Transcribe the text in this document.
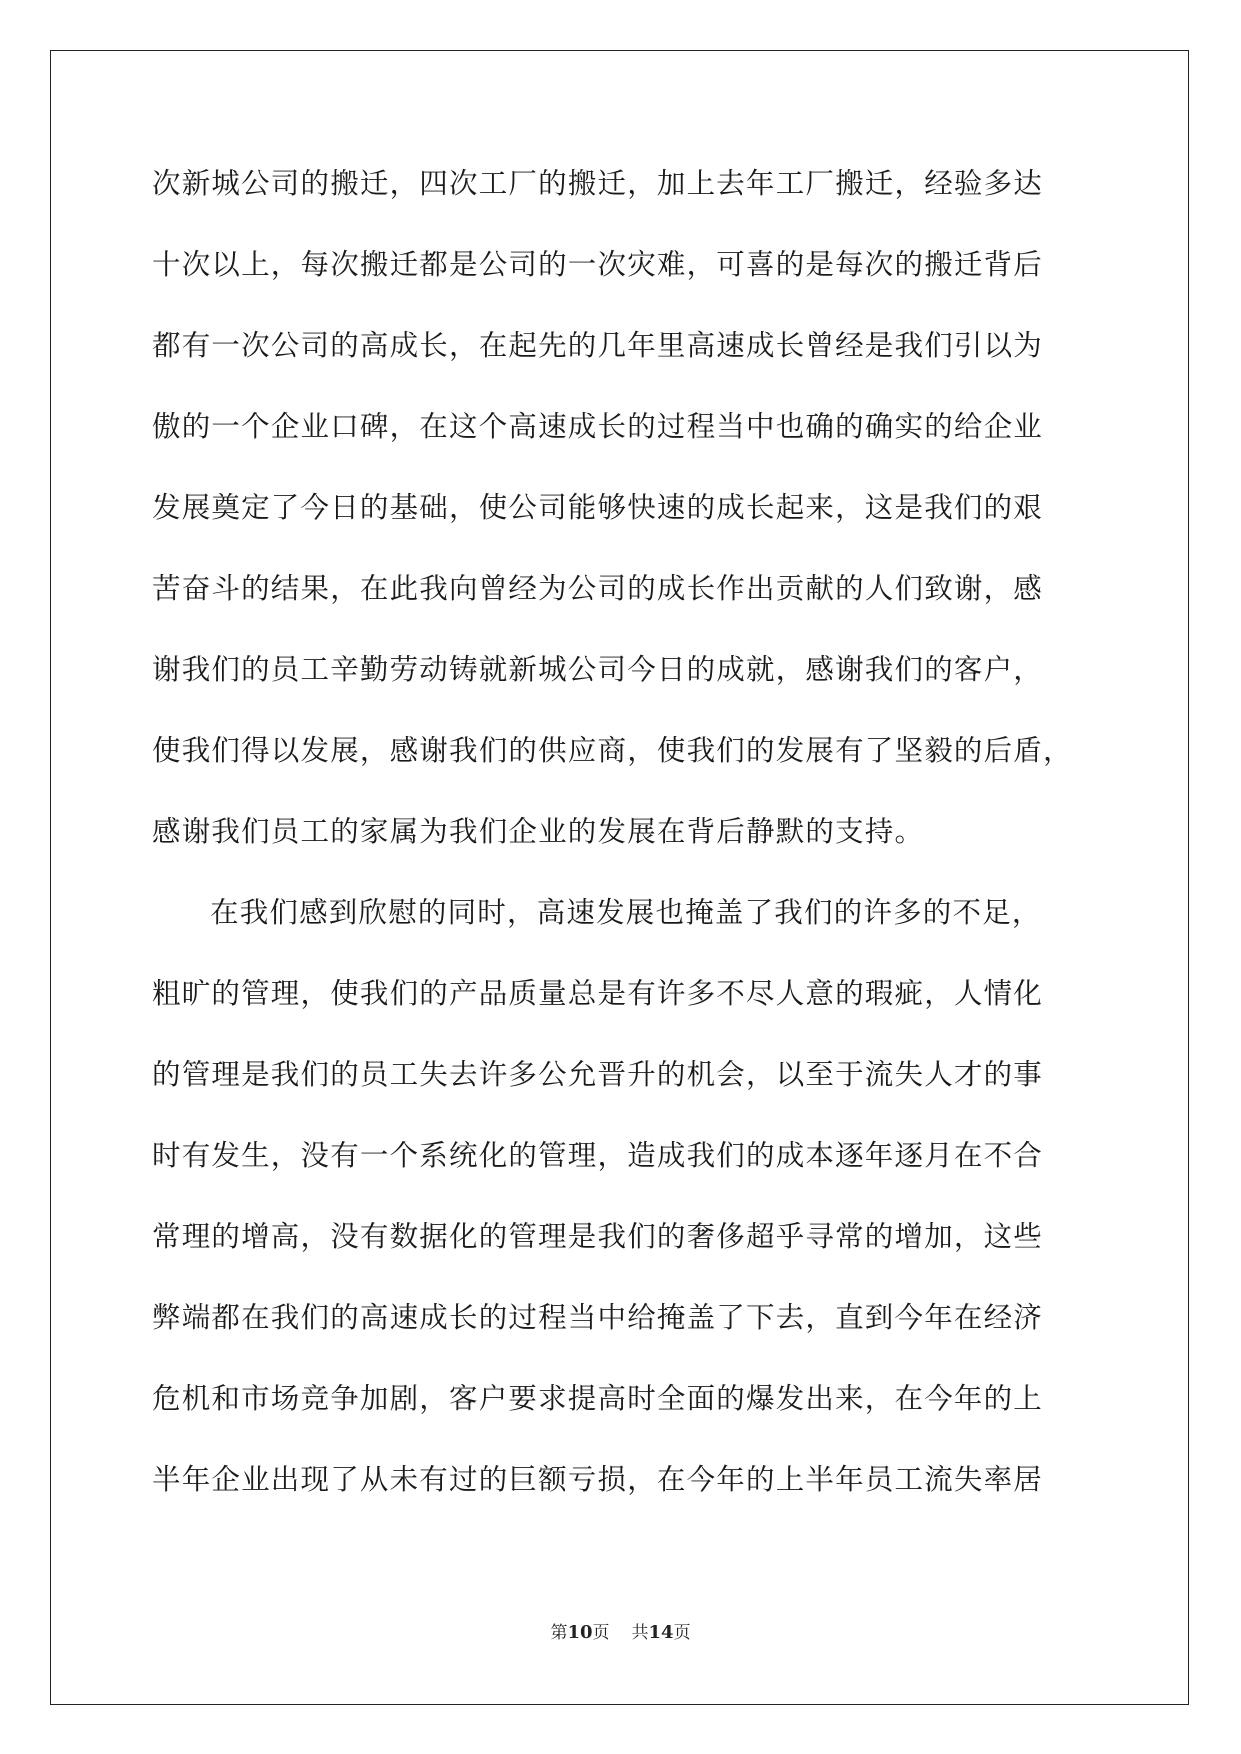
次新城公司的搬迁，四次工厂的搬迁，加上去年工厂搬迁，经验多达
十次以上，每次搬迁都是公司的一次灾难，可喜的是每次的搬迁背后
都有一次公司的高成长，在起先的几年里高速成长曾经是我们引以为
傲的一个企业口碑，在这个高速成长的过程当中也确的确实的给企业
发展奠定了今日的基础，使公司能够快速的成长起来，这是我们的艰
苦奋斗的结果，在此我向曾经为公司的成长作出贡献的人们致谢，感
谢我们的员工辛勤劳动铸就新城公司今日的成就，感谢我们的客户，
使我们得以发展，感谢我们的供应商，使我们的发展有了坚毅的后盾，
感谢我们员工的家属为我们企业的发展在背后静默的支持。
在我们感到欣慰的同时，高速发展也掩盖了我们的许多的不足，
粗旷的管理，使我们的产品质量总是有许多不尽人意的瑕疵，人情化
的管理是我们的员工失去许多公允晋升的机会，以至于流失人才的事
时有发生，没有一个系统化的管理，造成我们的成本逐年逐月在不合
常理的增高，没有数据化的管理是我们的奢侈超乎寻常的增加，这些
弊端都在我们的高速成长的过程当中给掩盖了下去，直到今年在经济
危机和市场竞争加剧，客户要求提高时全面的爆发出来，在今年的上
半年企业出现了从未有过的巨额亏损，在今年的上半年员工流失率居
第10页 共14页
